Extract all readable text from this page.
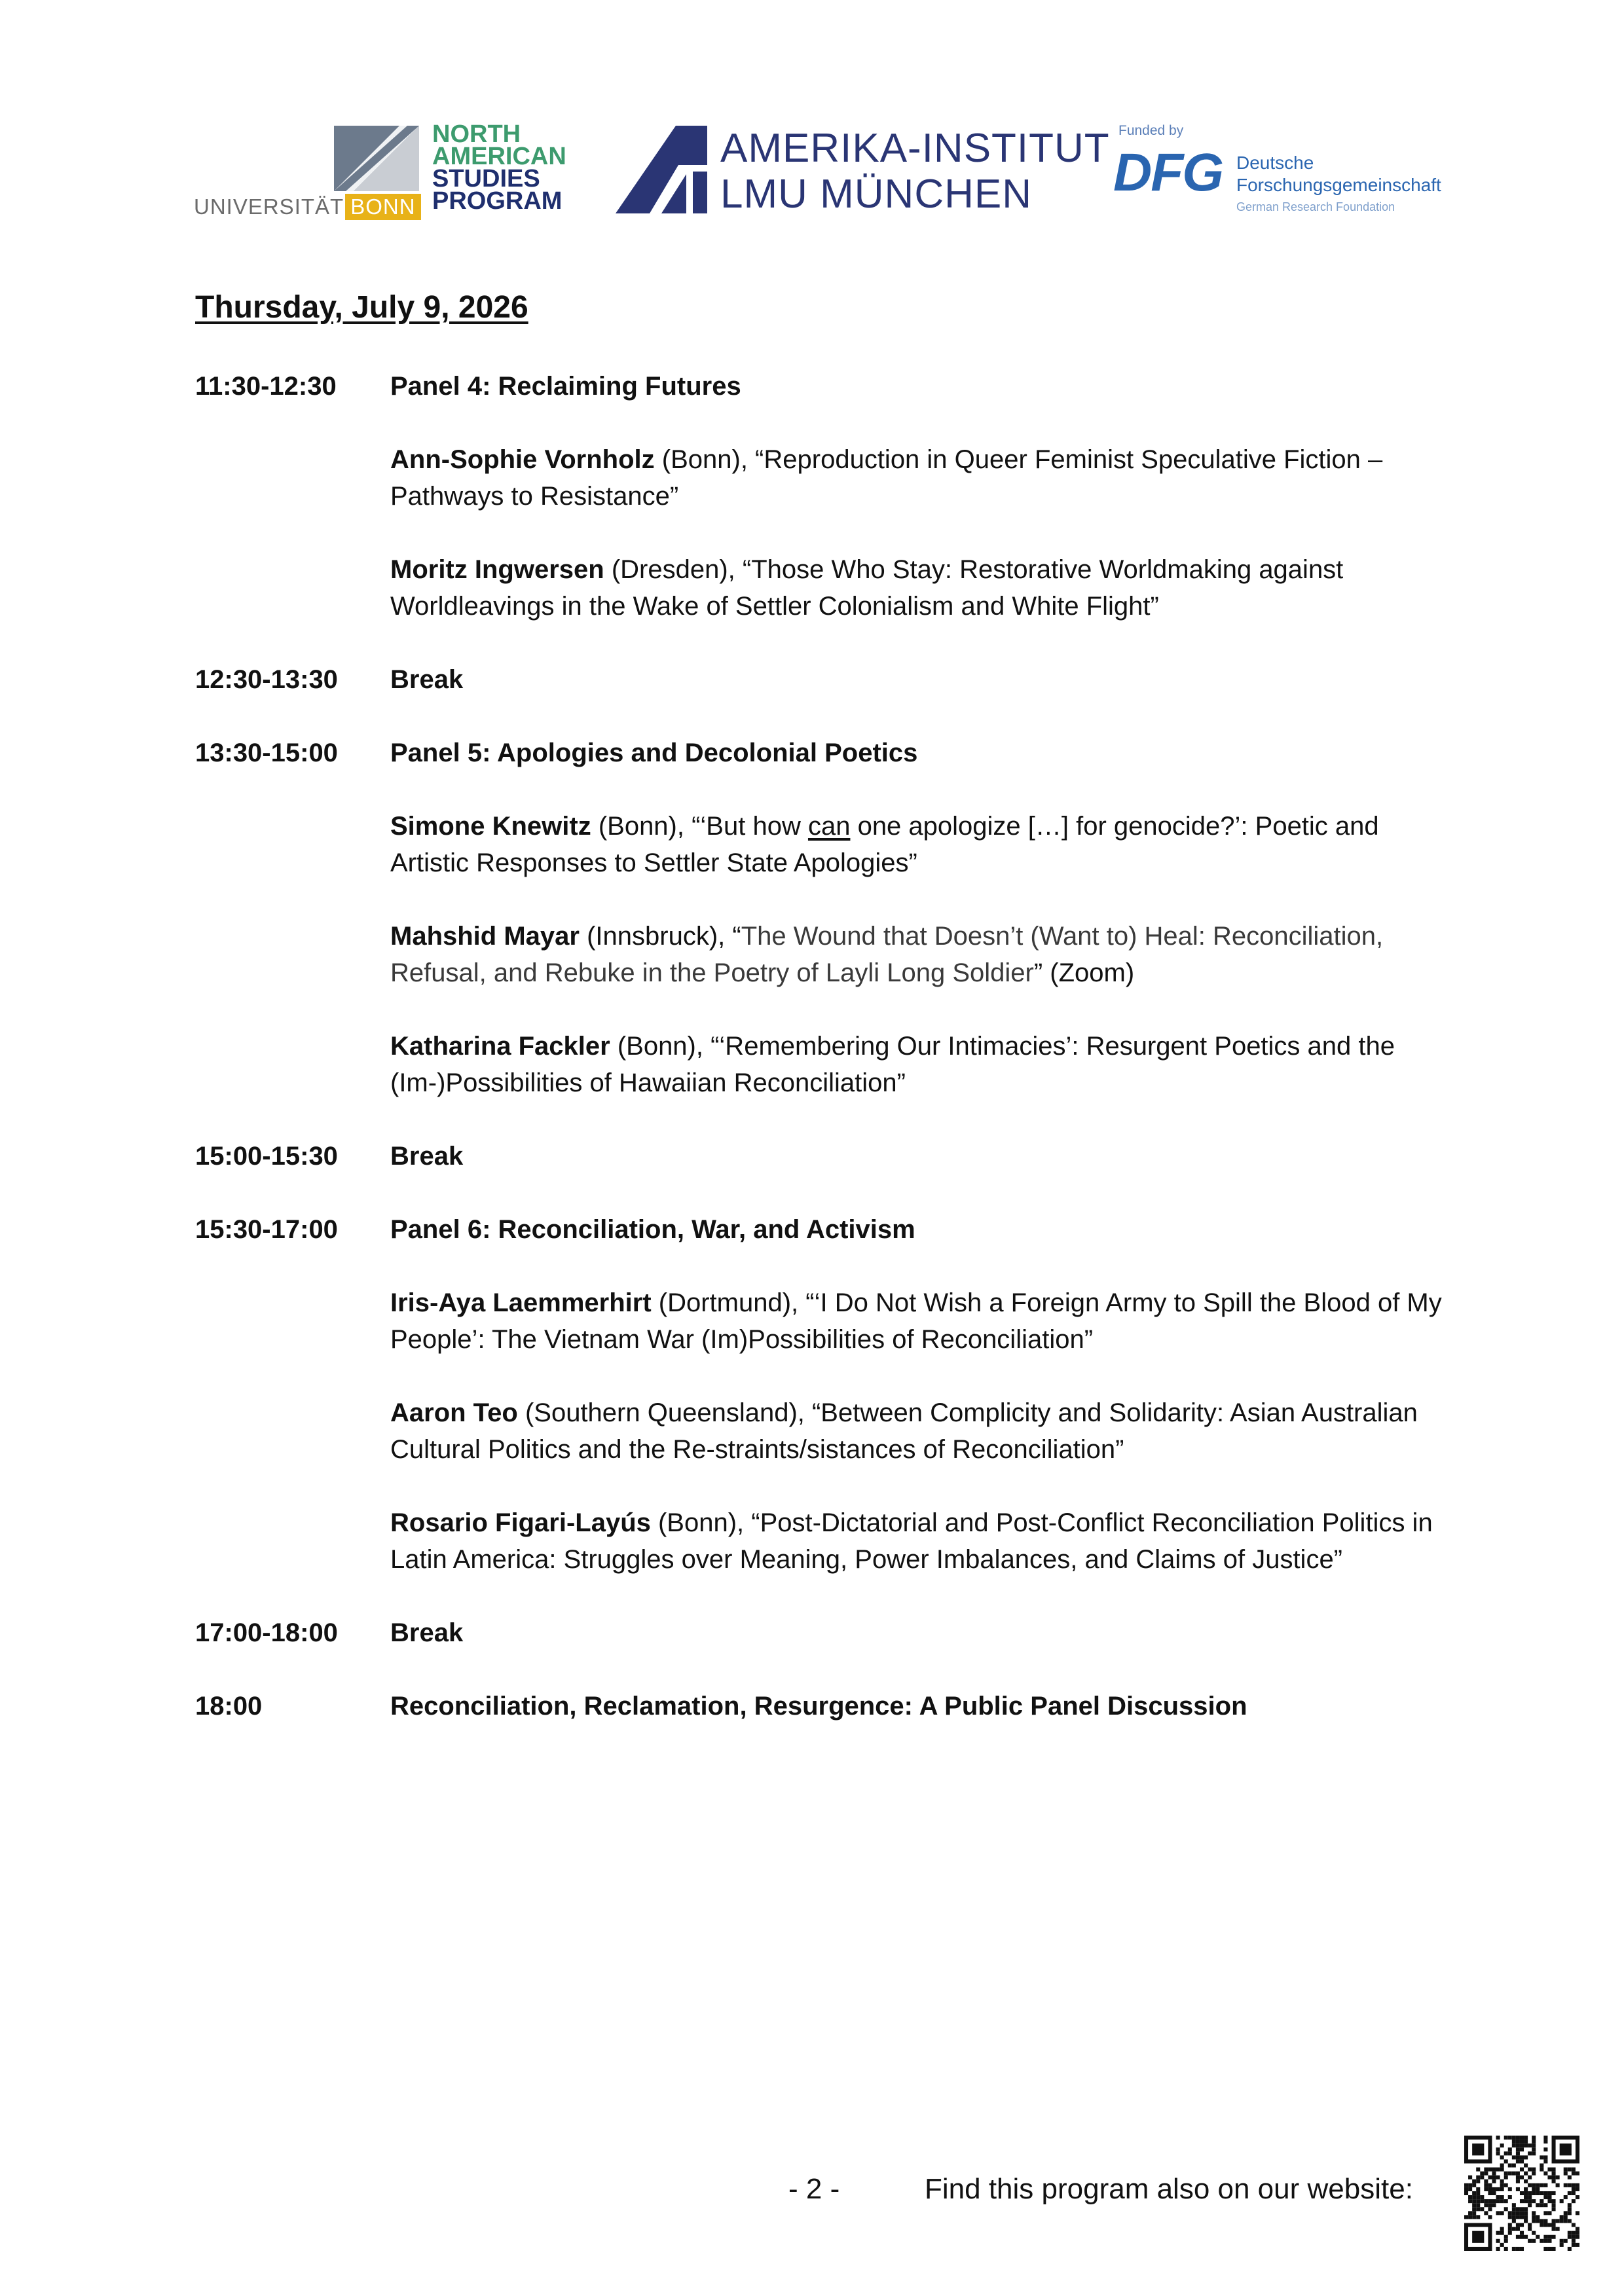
UNIVERSITÄT BONN
NORTH
AMERICAN
STUDIES
PROGRAM
AMERIKA-INSTITUT
LMU MÜNCHEN
Funded by
DFG Deutsche
Forschungsgemeinschaft
German Research Foundation
Thursday, July 9, 2026
11:30-12:30	Panel 4: Reclaiming Futures
Ann-Sophie Vornholz (Bonn), “Reproduction in Queer Feminist Speculative Fiction – Pathways to Resistance”
Moritz Ingwersen (Dresden), “Those Who Stay: Restorative Worldmaking against Worldleavings in the Wake of Settler Colonialism and White Flight”
12:30-13:30	Break
13:30-15:00	Panel 5: Apologies and Decolonial Poetics
Simone Knewitz (Bonn), “‘But how can one apologize […] for genocide?’: Poetic and Artistic Responses to Settler State Apologies”
Mahshid Mayar (Innsbruck), “The Wound that Doesn’t (Want to) Heal: Reconciliation, Refusal, and Rebuke in the Poetry of Layli Long Soldier” (Zoom)
Katharina Fackler (Bonn), “‘Remembering Our Intimacies’: Resurgent Poetics and the (Im-)Possibilities of Hawaiian Reconciliation”
15:00-15:30	Break
15:30-17:00	Panel 6: Reconciliation, War, and Activism
Iris-Aya Laemmerhirt (Dortmund), “‘I Do Not Wish a Foreign Army to Spill the Blood of My People’: The Vietnam War (Im)Possibilities of Reconciliation”
Aaron Teo (Southern Queensland), “Between Complicity and Solidarity: Asian Australian Cultural Politics and the Re-straints/sistances of Reconciliation”
Rosario Figari-Layús (Bonn), “Post-Dictatorial and Post-Conflict Reconciliation Politics in Latin America: Struggles over Meaning, Power Imbalances, and Claims of Justice”
17:00-18:00	Break
18:00	Reconciliation, Reclamation, Resurgence: A Public Panel Discussion
- 2 -	Find this program also on our website:
